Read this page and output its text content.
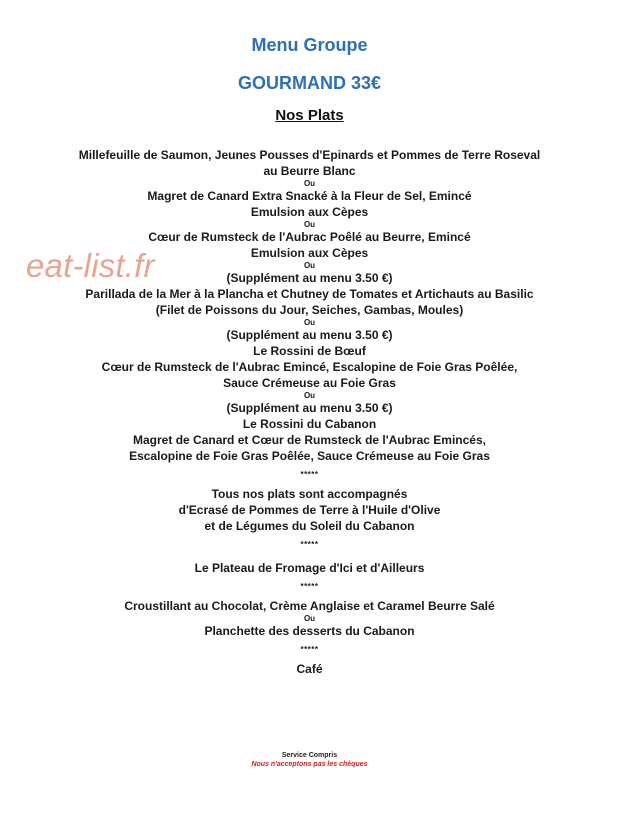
eat-list.fr
Menu Groupe
GOURMAND 33€
Nos Plats
Millefeuille de Saumon, Jeunes Pousses d'Epinards et Pommes de Terre Roseval
au Beurre Blanc
Ou
Magret de Canard Extra Snacké à la Fleur de Sel, Emincé
Emulsion aux Cèpes
Ou
Cœur de Rumsteck de l'Aubrac Poêlé au Beurre, Emincé
Emulsion aux Cèpes
Ou
(Supplément au menu 3.50 €)
Parillada de la Mer à la Plancha et Chutney de Tomates et Artichauts au Basilic
(Filet de Poissons du Jour, Seiches, Gambas, Moules)
Ou
(Supplément au menu 3.50 €)
Le Rossini de Bœuf
Cœur de Rumsteck de l'Aubrac Emincé, Escalopine de Foie Gras Poêlée,
Sauce Crémeuse au Foie Gras
Ou
(Supplément au menu 3.50 €)
Le Rossini du Cabanon
Magret de Canard et Cœur de Rumsteck de l'Aubrac Emincés,
Escalopine de Foie Gras Poêlée, Sauce Crémeuse au Foie Gras
*****
Tous nos plats sont accompagnés
d'Ecrasé de Pommes de Terre à l'Huile d'Olive
et de Légumes du Soleil du Cabanon
*****
Le Plateau de Fromage d'Ici et d'Ailleurs
*****
Croustillant au Chocolat, Crème Anglaise et Caramel Beurre Salé
Ou
Planchette des desserts du Cabanon
*****
Café
Service Compris
Nous n'acceptons pas les chèques
